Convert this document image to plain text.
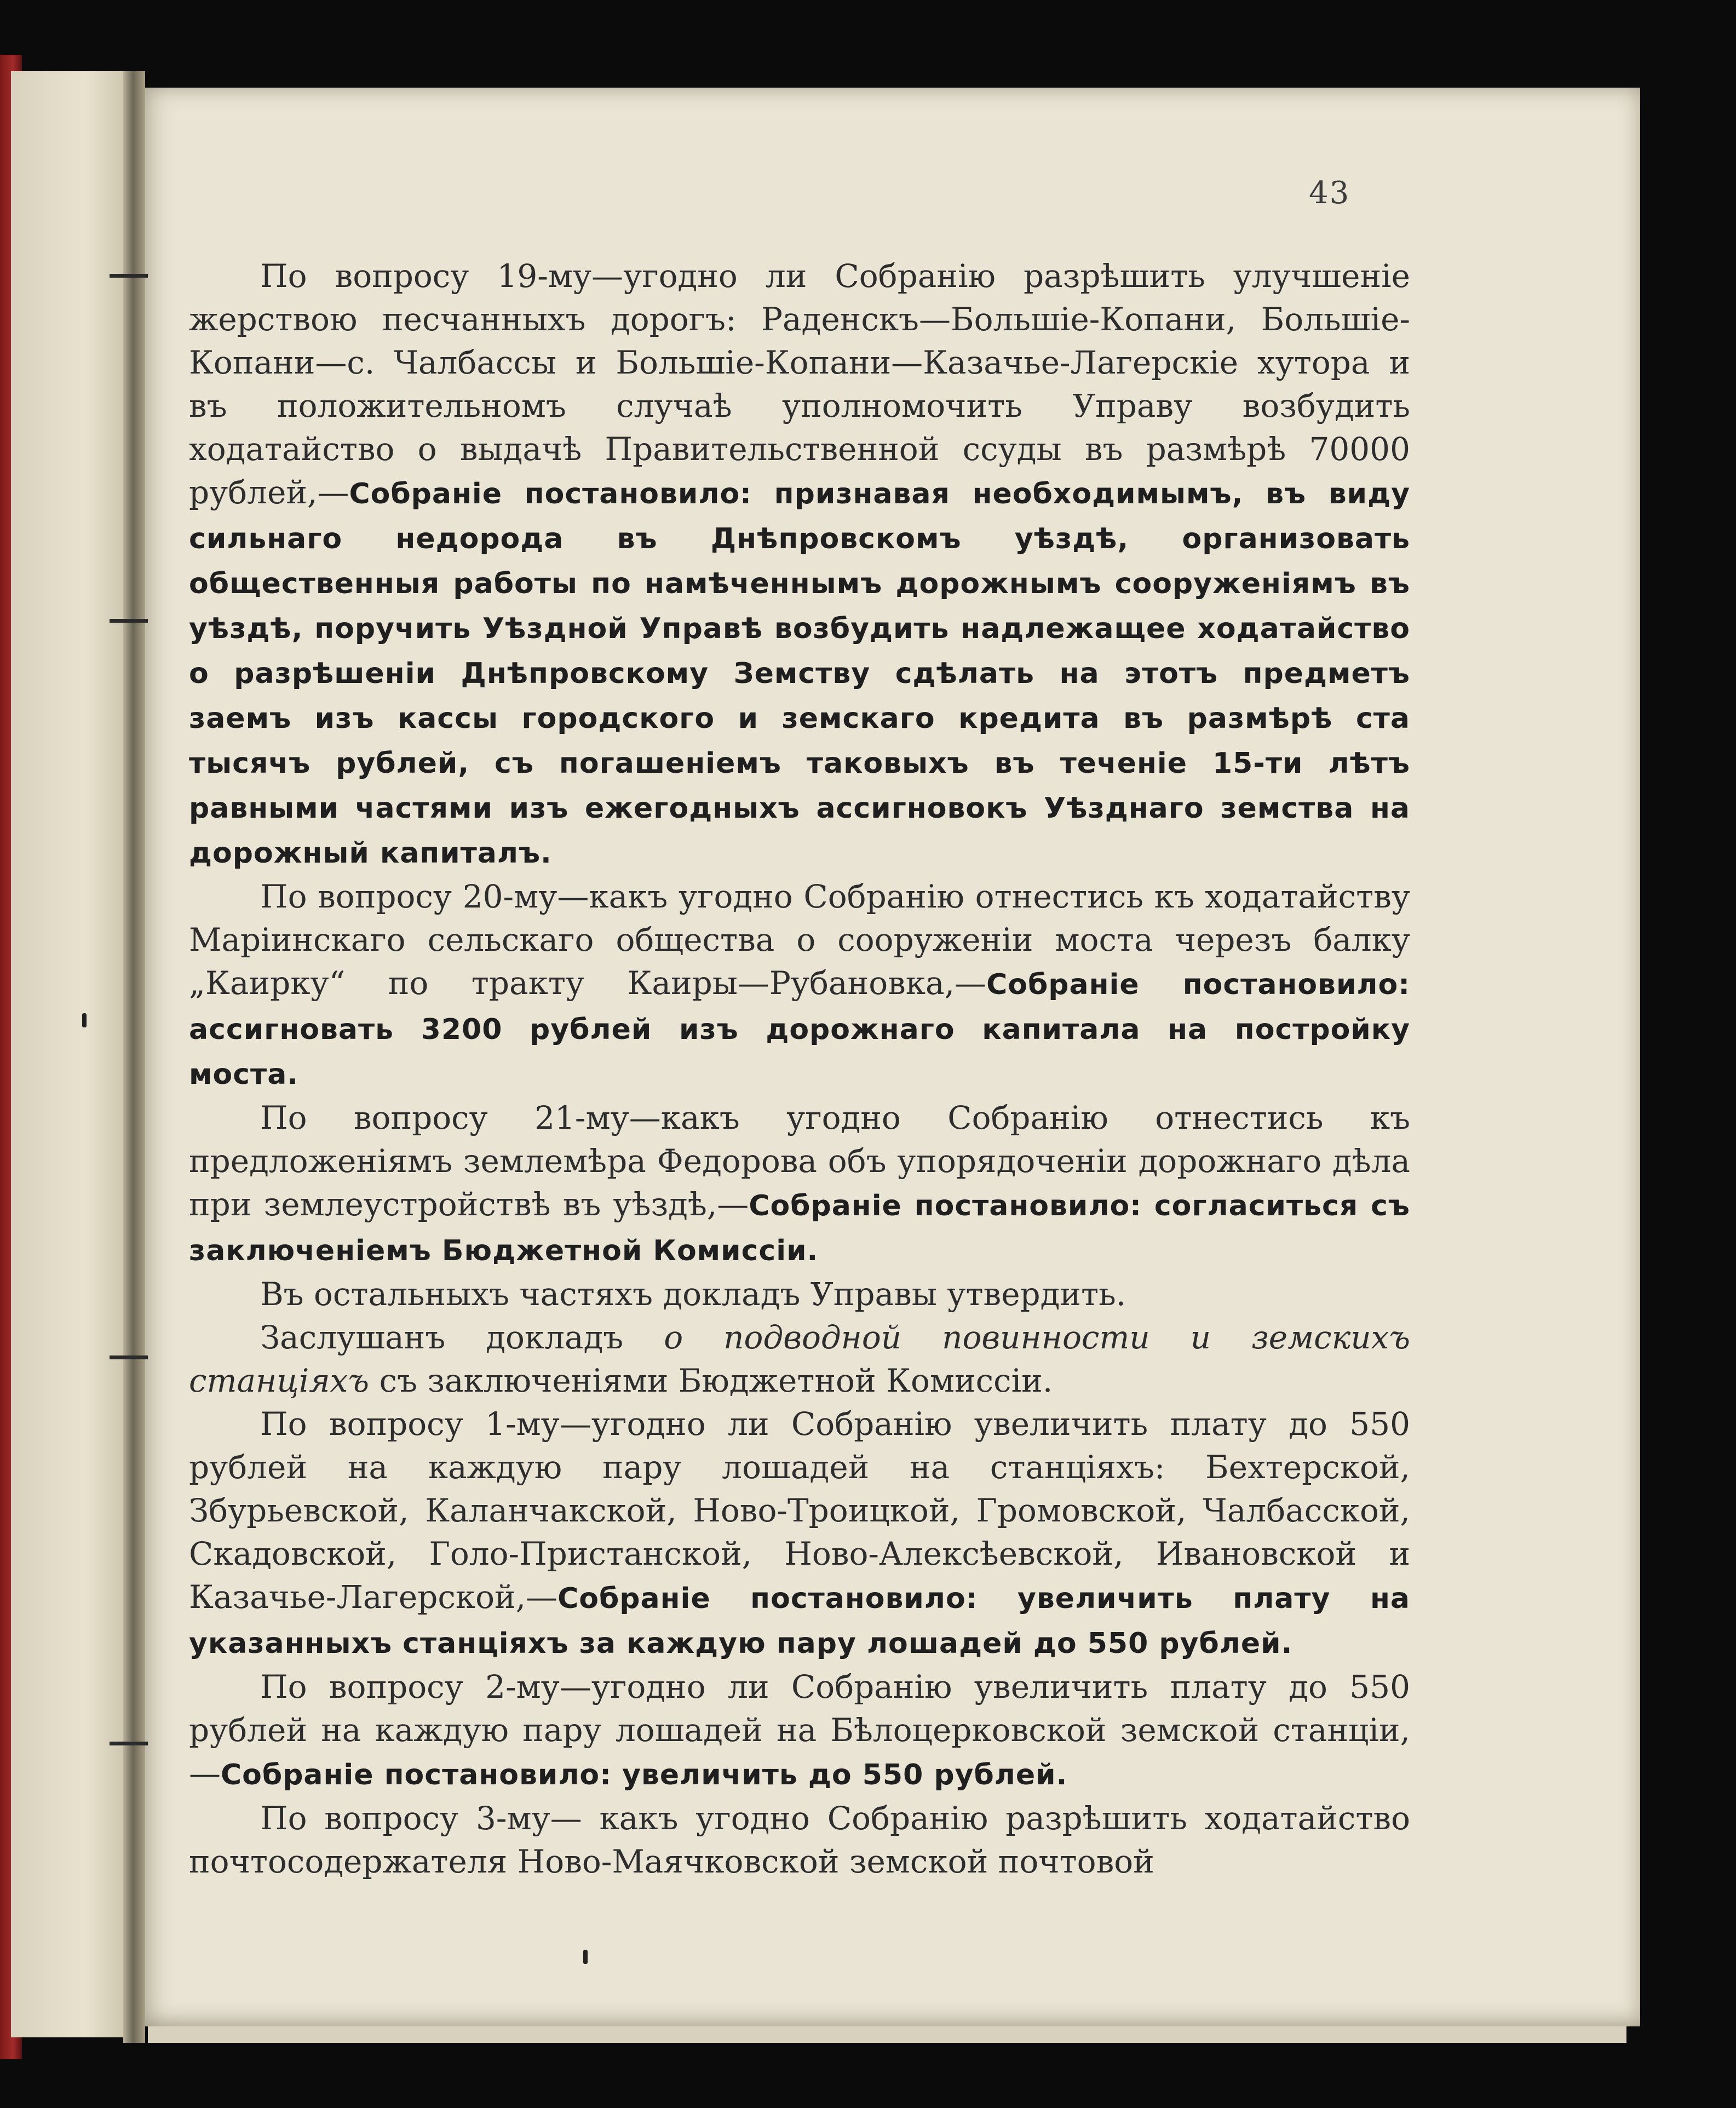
43

По вопросу 19-му—угодно ли Собранію разрѣшить улучшеніе жерствою песчанныхъ дорогъ: Раденскъ—Большіе-Копани, Большіе-Копани—с. Чалбассы и Большіе-Копани—Казачье-Лагерскіе хутора и въ положительномъ случаѣ уполномочить Управу возбудить ходатайство о выдачѣ Правительственной ссуды въ размѣрѣ 70000 рублей,—Собраніе постановило: признавая необходимымъ, въ виду сильнаго недорода въ Днѣпровскомъ уѣздѣ, организовать общественныя работы по намѣченнымъ дорожнымъ сооруженіямъ въ уѣздѣ, поручить Уѣздной Управѣ возбудить надлежащее ходатайство о разрѣшеніи Днѣпровскому Земству сдѣлать на этотъ предметъ заемъ изъ кассы городского и земскаго кредита въ размѣрѣ ста тысячъ рублей, съ погашеніемъ таковыхъ въ теченіе 15-ти лѣтъ равными частями изъ ежегодныхъ ассигновокъ Уѣзднаго земства на дорожный капиталъ.

По вопросу 20-му—какъ угодно Собранію отнестись къ ходатайству Маріинскаго сельскаго общества о сооруженіи моста черезъ балку „Каирку“ по тракту Каиры—Рубановка,—Собраніе постановило: ассигновать 3200 рублей изъ дорожнаго капитала на постройку моста.

По вопросу 21-му—какъ угодно Собранію отнестись къ предложеніямъ землемѣра Федорова объ упорядоченіи дорожнаго дѣла при землеустройствѣ въ уѣздѣ,—Собраніе постановило: согласиться съ заключеніемъ Бюджетной Комиссіи.

Въ остальныхъ частяхъ докладъ Управы утвердить.

Заслушанъ докладъ о подводной повинности и земскихъ станціяхъ съ заключеніями Бюджетной Комиссіи.

По вопросу 1-му—угодно ли Собранію увеличить плату до 550 рублей на каждую пару лошадей на станціяхъ: Бехтерской, Збурьевской, Каланчакской, Ново-Троицкой, Громовской, Чалбасской, Скадовской, Голо-Пристанской, Ново-Алексѣевской, Ивановской и Казачье-Лагерской,—Собраніе постановило: увеличить плату на указанныхъ станціяхъ за каждую пару лошадей до 550 рублей.

По вопросу 2-му—угодно ли Собранію увеличить плату до 550 рублей на каждую пару лошадей на Бѣлоцерковской земской станціи,—Собраніе постановило: увеличить до 550 рублей.

По вопросу 3-му— какъ угодно Собранію разрѣшить ходатайство почтосодержателя Ново-Маячковской земской почтовой
